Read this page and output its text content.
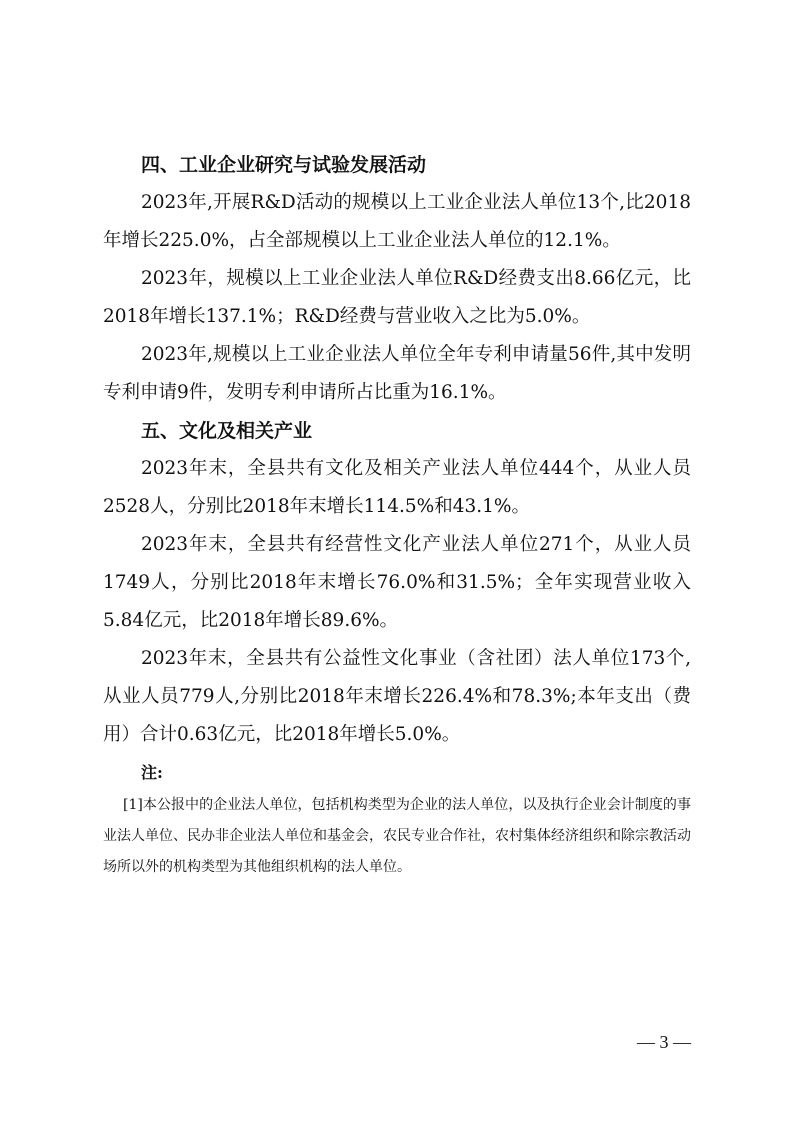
四、工业企业研究与试验发展活动

2023年,开展R&D活动的规模以上工业企业法人单位13个,比2018年增长225.0%，占全部规模以上工业企业法人单位的12.1%。

2023年，规模以上工业企业法人单位R&D经费支出8.66亿元，比2018年增长137.1%；R&D经费与营业收入之比为5.0%。

2023年,规模以上工业企业法人单位全年专利申请量56件,其中发明专利申请9件，发明专利申请所占比重为16.1%。

五、文化及相关产业

2023年末，全县共有文化及相关产业法人单位444个，从业人员2528人，分别比2018年末增长114.5%和43.1%。

2023年末，全县共有经营性文化产业法人单位271个，从业人员1749人，分别比2018年末增长76.0%和31.5%；全年实现营业收入5.84亿元，比2018年增长89.6%。

2023年末，全县共有公益性文化事业（含社团）法人单位173个,从业人员779人,分别比2018年末增长226.4%和78.3%;本年支出（费用）合计0.63亿元，比2018年增长5.0%。

注:

[1]本公报中的企业法人单位，包括机构类型为企业的法人单位，以及执行企业会计制度的事业法人单位、民办非企业法人单位和基金会，农民专业合作社，农村集体经济组织和除宗教活动场所以外的机构类型为其他组织机构的法人单位。

— 3 —
